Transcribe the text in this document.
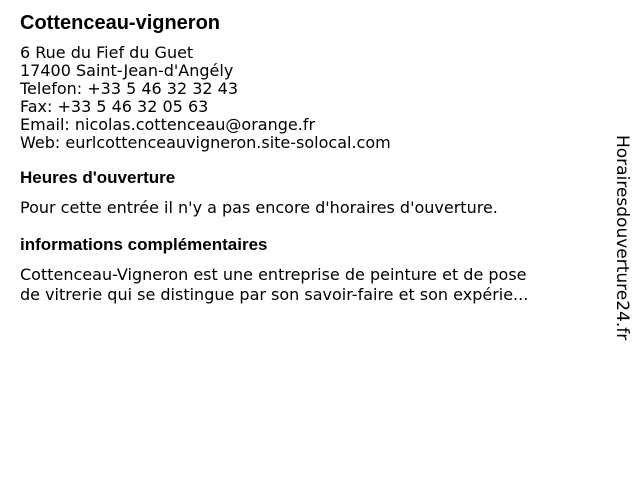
Cottenceau-vigneron
6 Rue du Fief du Guet
17400 Saint-Jean-d'Angély
Telefon: +33 5 46 32 32 43
Fax: +33 5 46 32 05 63
Email: nicolas.cottenceau@orange.fr
Web: eurlcottenceauvigneron.site-solocal.com
Heures d'ouverture
Pour cette entrée il n'y a pas encore d'horaires d'ouverture.
informations complémentaires
Cottenceau-Vigneron est une entreprise de peinture et de pose
de vitrerie qui se distingue par son savoir-faire et son expérie...	Horairesdouverture24.fr
